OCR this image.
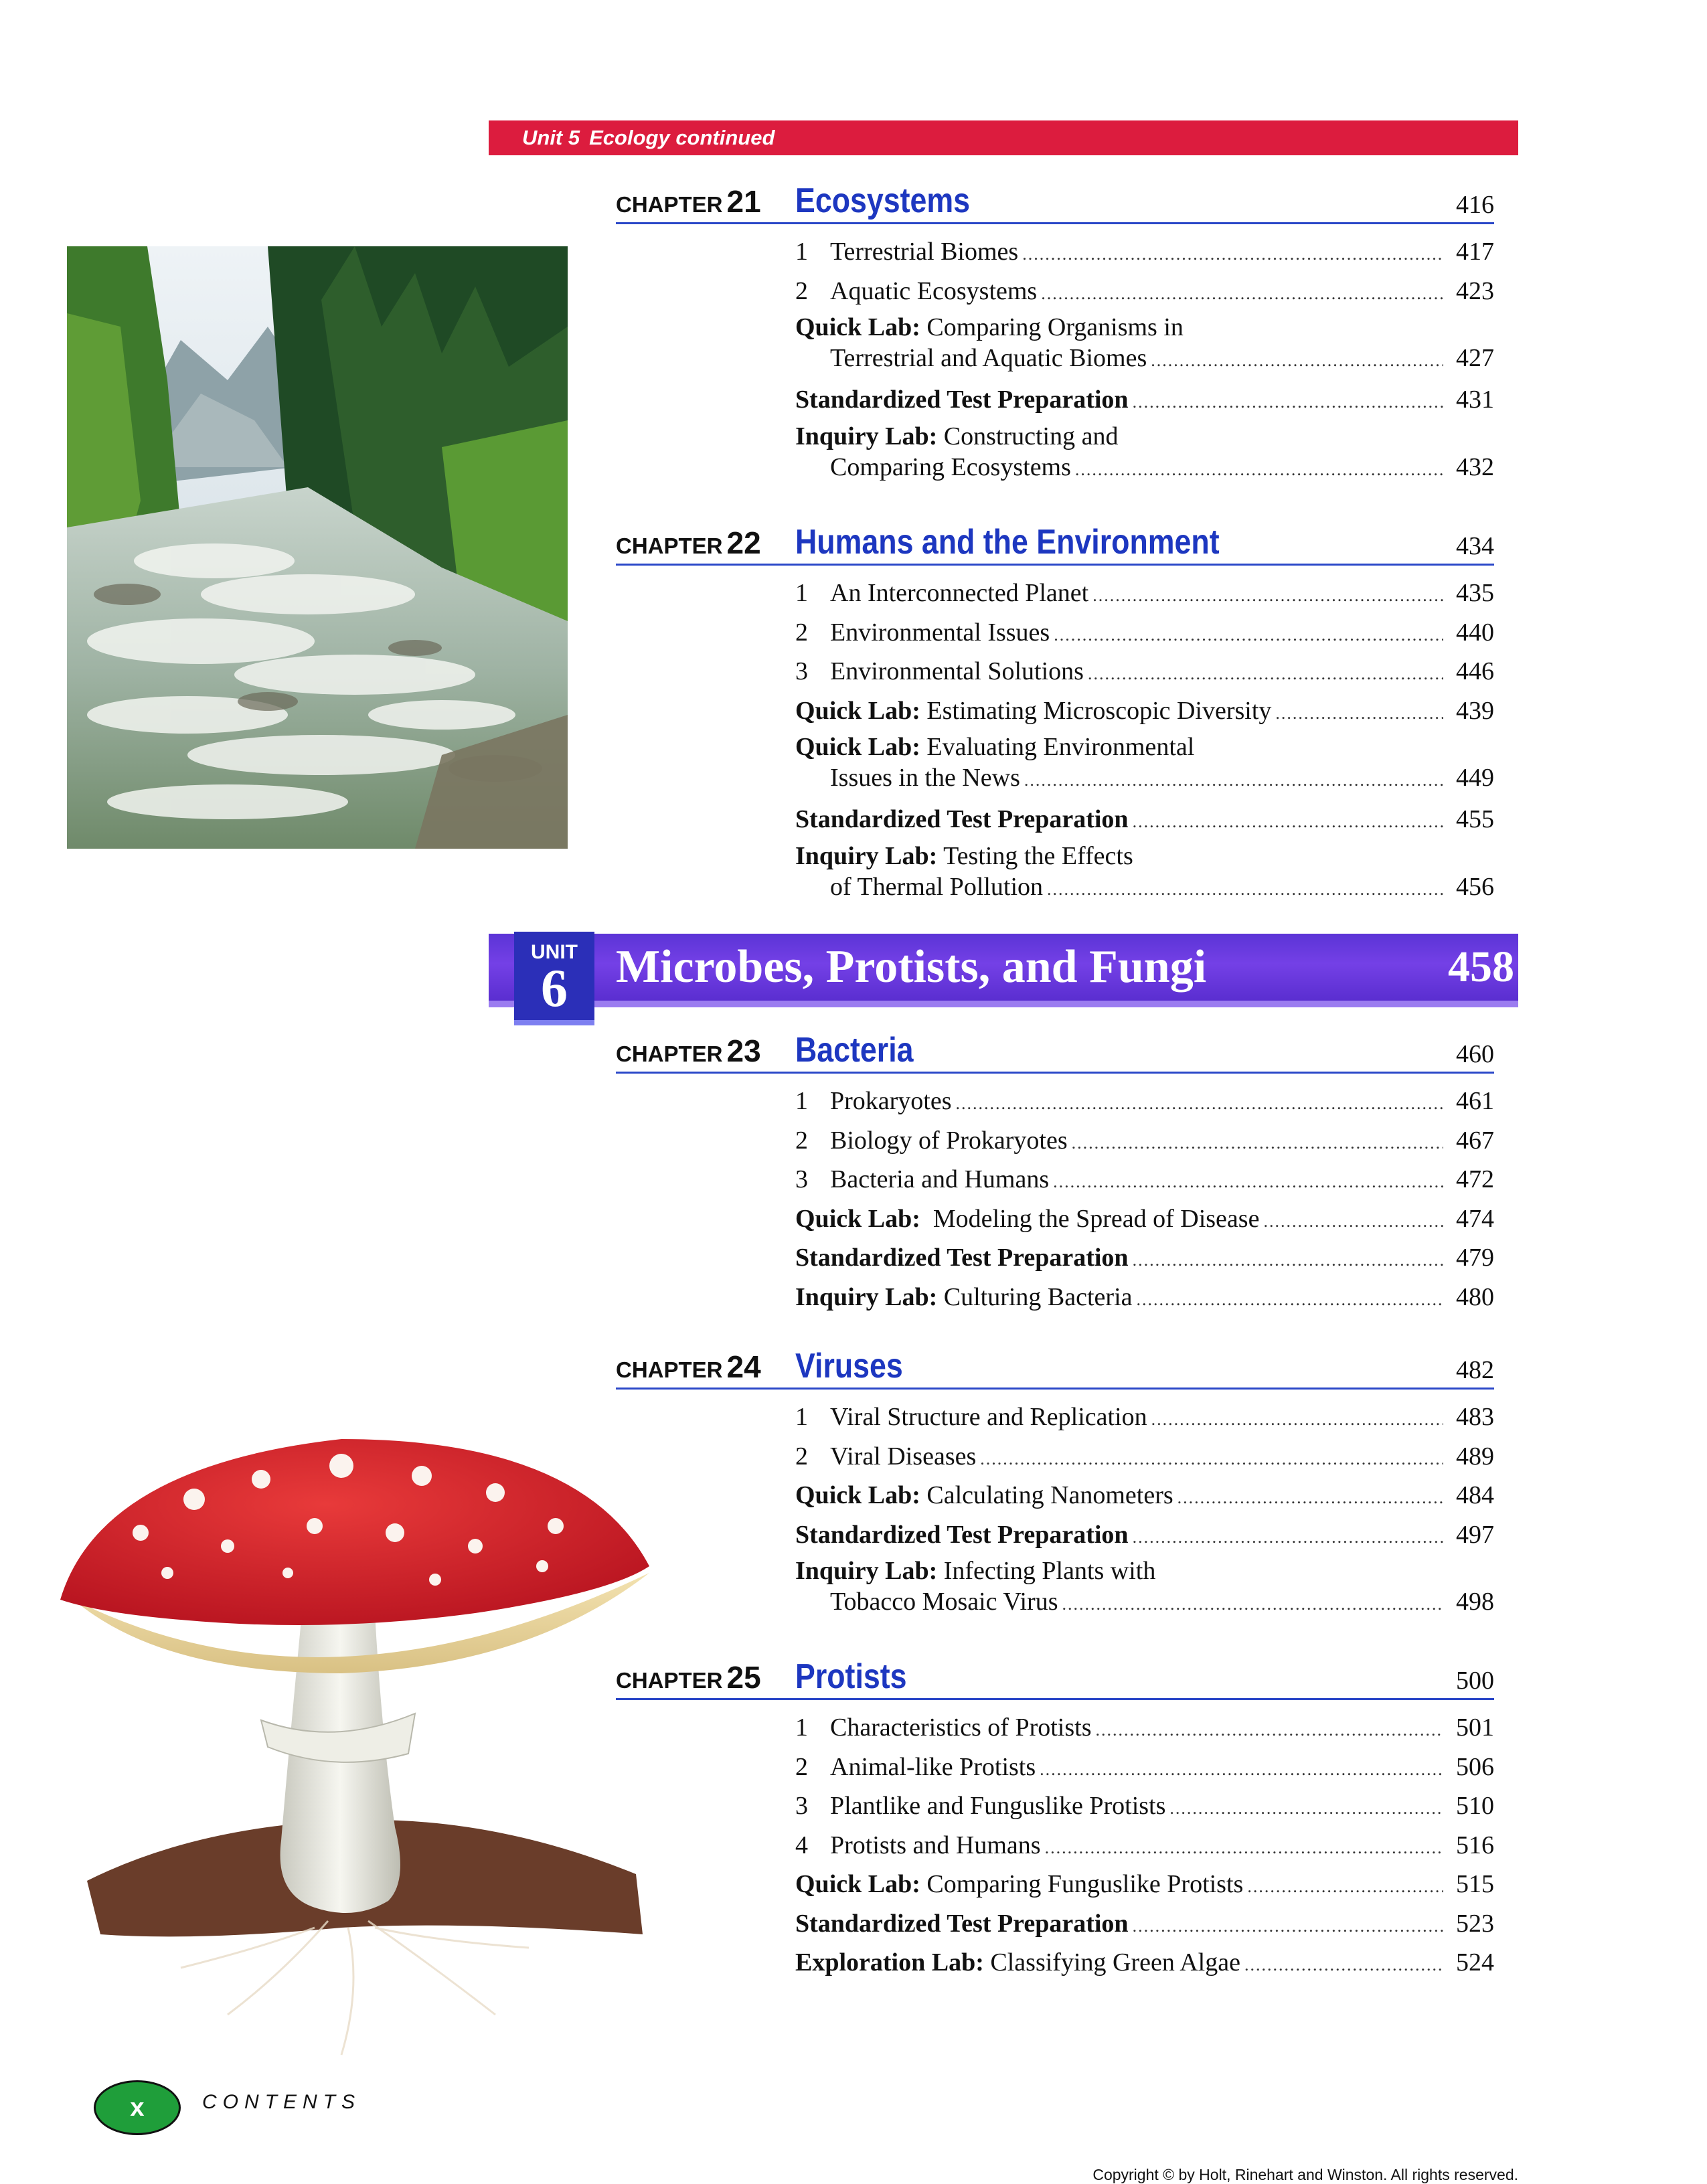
Unit 5 Ecology continued
CHAPTER 21 Ecosystems	416
1 Terrestrial Biomes .....	417
2 Aquatic Ecosystems .....	423
Quick Lab: Comparing Organisms in
Terrestrial and Aquatic Biomes .....	427
Standardized Test Preparation .....	431
Inquiry Lab: Constructing and
Comparing Ecosystems .....	432
CHAPTER 22 Humans and the Environment	434
1 An Interconnected Planet .....	435
2 Environmental Issues .....	440
3 Environmental Solutions .....	446
Quick Lab: Estimating Microscopic Diversity .....	439
Quick Lab: Evaluating Environmental
Issues in the News .....	449
Standardized Test Preparation .....	455
Inquiry Lab: Testing the Effects
of Thermal Pollution .....	456
UNIT
6	Microbes, Protists, and Fungi	458
CHAPTER 23 Bacteria	460
1 Prokaryotes .....	461
2 Biology of Prokaryotes .....	467
3 Bacteria and Humans .....	472
Quick Lab:  Modeling the Spread of Disease .....	474
Standardized Test Preparation .....	479
Inquiry Lab: Culturing Bacteria .....	480
CHAPTER 24 Viruses	482
1 Viral Structure and Replication .....	483
2 Viral Diseases .....	489
Quick Lab: Calculating Nanometers .....	484
Standardized Test Preparation .....	497
Inquiry Lab: Infecting Plants with
Tobacco Mosaic Virus .....	498
CHAPTER 25 Protists	500
1 Characteristics of Protists .....	501
2 Animal-like Protists .....	506
3 Plantlike and Funguslike Protists .....	510
4 Protists and Humans .....	516
Quick Lab: Comparing Funguslike Protists .....	515
Standardized Test Preparation .....	523
Exploration Lab: Classifying Green Algae .....	524
x	CONTENTS
Copyright © by Holt, Rinehart and Winston. All rights reserved.
